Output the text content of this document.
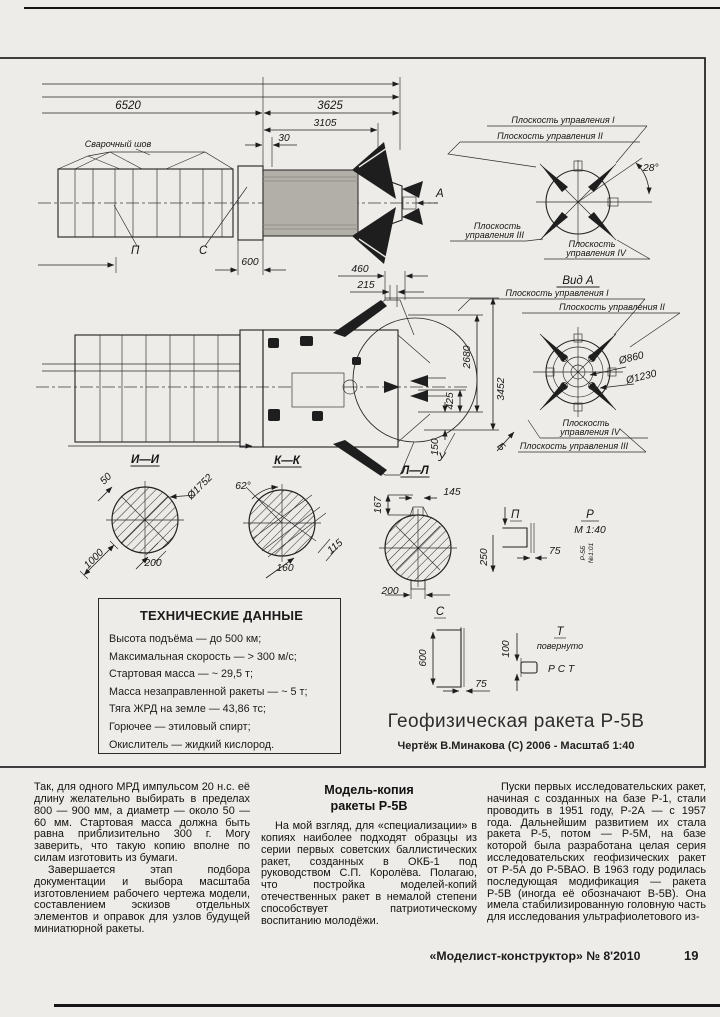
6520	3625
3105
30
Сварочный шов
А
П	С
600
28°
Плоскость управления I
Плоскость управления II
Плоскость
управления III
Плоскость
управления IV
У
460
215
3452
2680
425
150	Б
Вид А
Ø860
Ø1230
Плоскость управления I
Плоскость управления II
Плоскость
управления IV
Плоскость управления III
И—И
50	Ø1752
1000	200
К—К
62°
115
160
Л—Л
167
145
200
П	Р
М 1:40
Р-5Б №1:01
250	75
С
600
75
Т
повернуто
100
Р С Т
ТЕХНИЧЕСКИЕ ДАННЫЕ
Высота подъёма — до 500 км;
Максимальная скорость — > 300 м/с;
Стартовая масса — ~ 29,5 т;
Масса незаправленной ракеты — ~ 5 т;
Тяга ЖРД на земле — 43,86 тс;
Горючее — этиловый спирт;
Окислитель — жидкий кислород.
Геофизическая ракета Р-5В
Чертёж В.Минакова (С) 2006 - Масштаб 1:40

Так, для одного МРД импульсом 20 н.с. её длину желательно выбирать в пределах 800 — 900 мм, а диаметр — около 50 — 60 мм. Стартовая масса должна быть равна приблизительно 300 г. Могу заверить, что такую копию вполне по силам изготовить из бумаги.

Завершается этап подбора документации и выбора масштаба изготовлением рабочего чертежа модели, составлением эскизов отдельных элементов и оправок для узлов будущей миниатюрной ракеты.

Модель-копия
ракеты Р-5В

На мой взгляд, для «специализации» в копиях наиболее подходят образцы из серии первых советских баллистических ракет, созданных в ОКБ-1 под руководством С.П. Королёва. Полагаю, что постройка моделей-копий отечественных ракет в немалой степени способствует патриотическому воспитанию молодёжи.

Пуски первых исследовательских ракет, начиная с созданных на базе Р-1, стали проводить в 1951 году, Р-2А — с 1957 года. Дальнейшим развитием их стала ракета Р-5, потом — Р-5М, на базе которой была разработана целая серия исследовательских геофизических ракет от Р-5А до Р-5ВАО. В 1963 году родилась последующая модификация — ракета Р-5В (иногда её обозначают В-5В). Она имела стабилизированную головную часть для исследования ультрафиолетового из-

«Моделист-конструктор» № 8'2010	19
